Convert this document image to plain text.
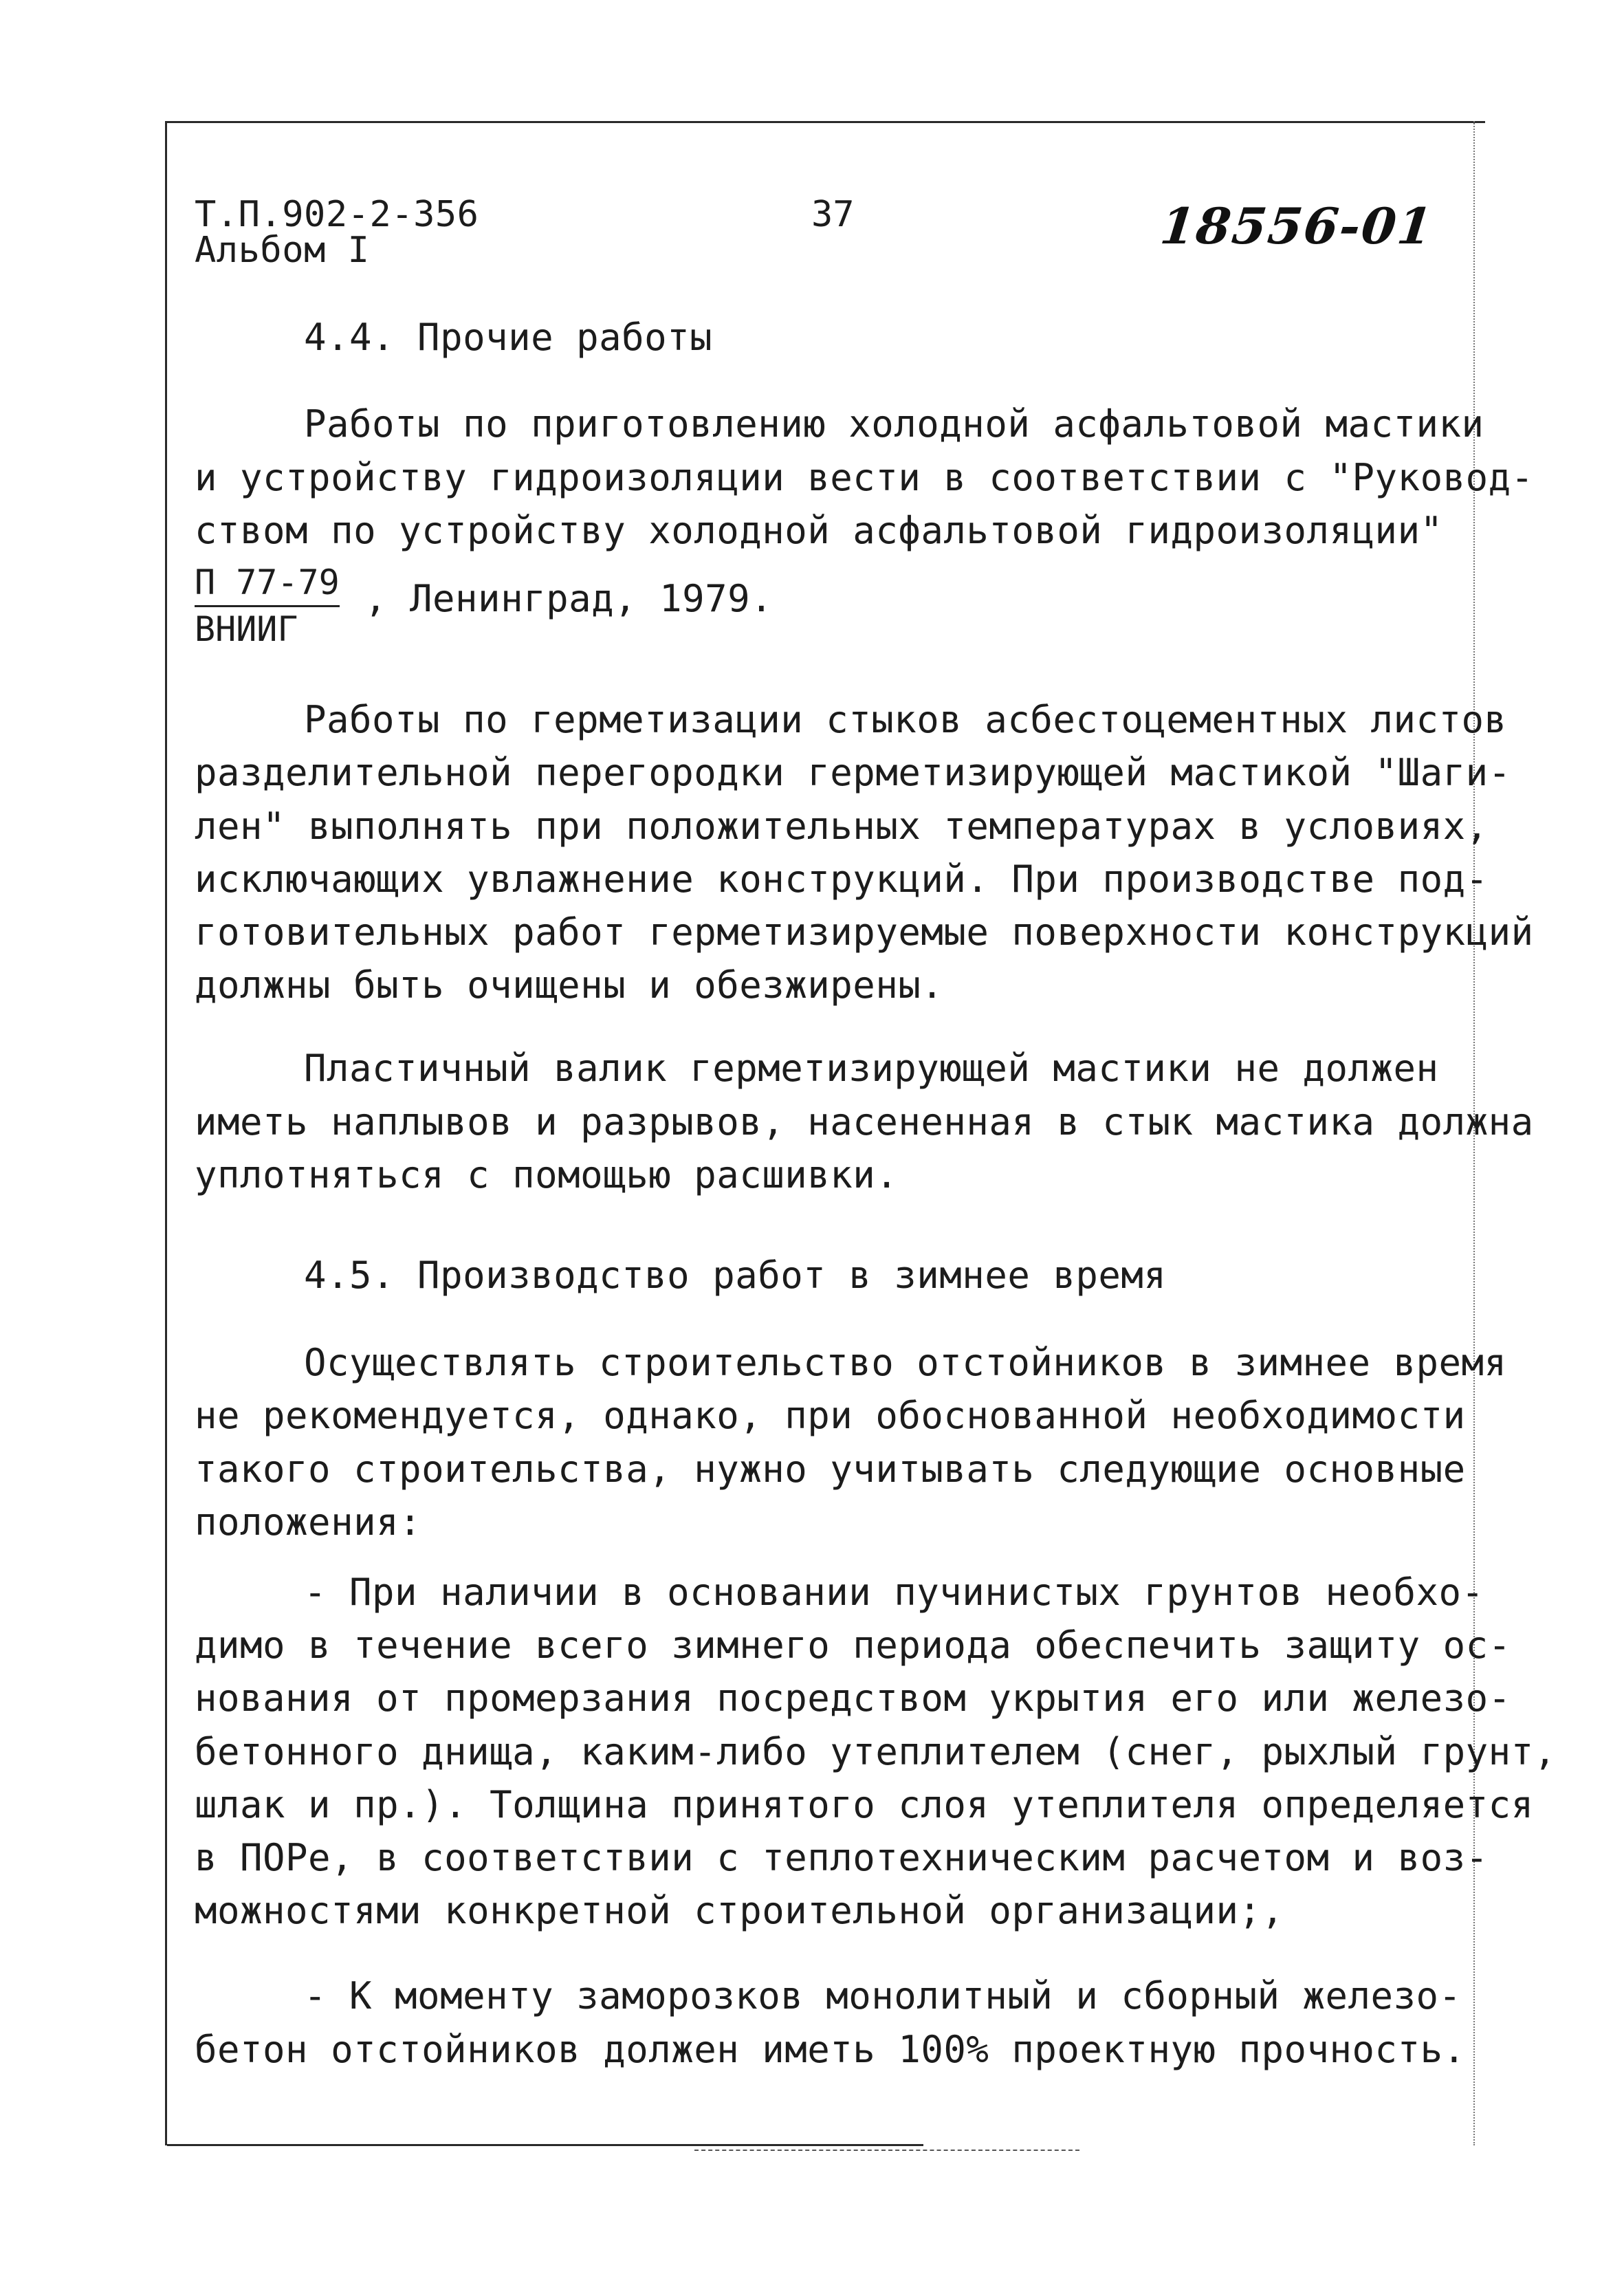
Т.П.902-2-356
Альбом I
37	18556-01
4.4. Прочие работы
Работы по приготовлению холодной асфальтовой мастики
и устройству гидроизоляции вести в соответствии с "Руковод-
ством по устройству холодной асфальтовой гидроизоляции"
П 77-79
ВНИИГ
, Ленинград, 1979.
Работы по герметизации стыков асбестоцементных листов
разделительной перегородки герметизирующей мастикой "Шаги-
лен" выполнять при положительных температурах в условиях,
исключающих увлажнение конструкций. При производстве под-
готовительных работ герметизируемые поверхности конструкций
должны быть очищены и обезжирены.
Пластичный валик герметизирующей мастики не должен
иметь наплывов и разрывов, насененная в стык мастика должна
уплотняться с помощью расшивки.
4.5. Производство работ в зимнее время
Осуществлять строительство отстойников в зимнее время
не рекомендуется, однако, при обоснованной необходимости
такого строительства, нужно учитывать следующие основные
положения:
- При наличии в основании пучинистых грунтов необхо-
димо в течение всего зимнего периода обеспечить защиту ос-
нования от промерзания посредством укрытия его или железо-
бетонного днища, каким-либо утеплителем (снег, рыхлый грунт,
шлак и пр.). Толщина принятого слоя утеплителя определяется
в ПОРе, в соответствии с теплотехническим расчетом и воз-
можностями конкретной строительной организации;,
- К моменту заморозков монолитный и сборный железо-
бетон отстойников должен иметь 100% проектную прочность.
